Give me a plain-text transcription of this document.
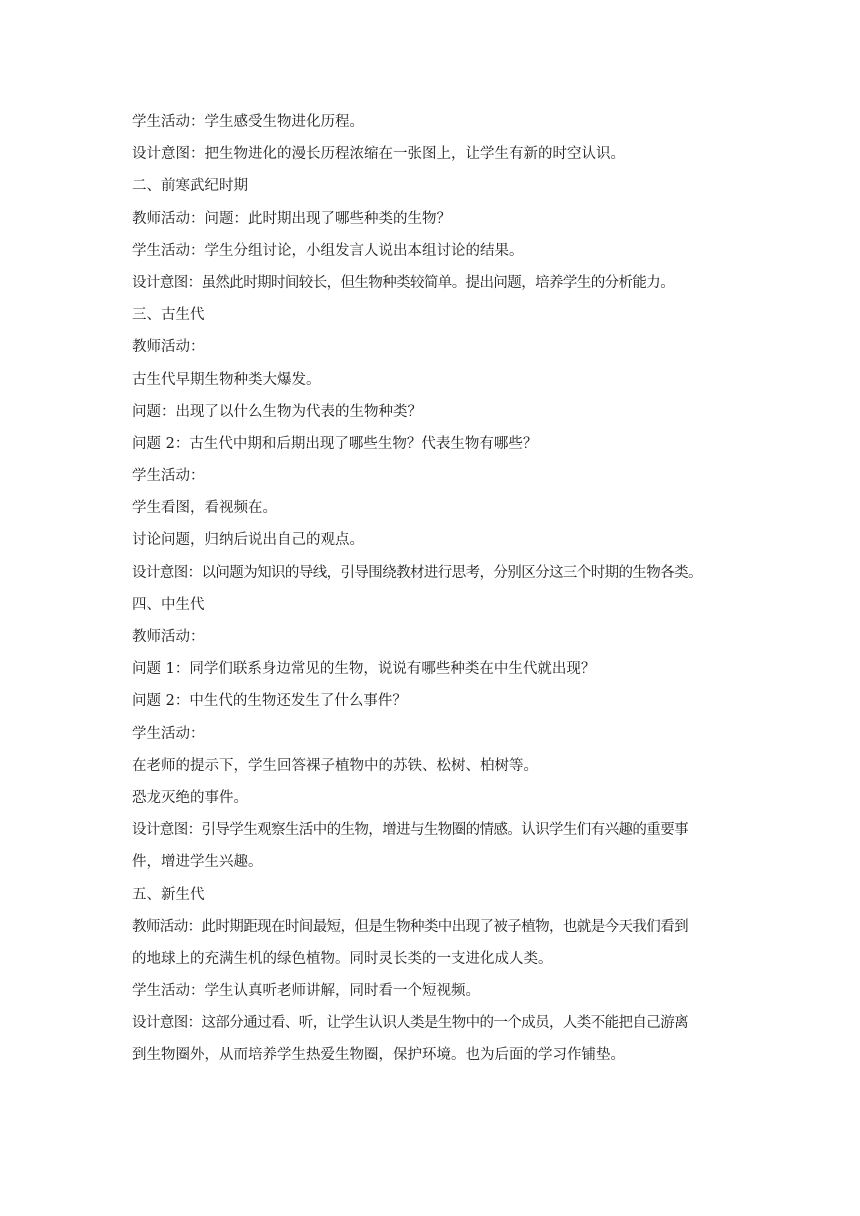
学生活动：学生感受生物进化历程。
设计意图：把生物进化的漫长历程浓缩在一张图上，让学生有新的时空认识。
二、前寒武纪时期
教师活动：问题：此时期出现了哪些种类的生物？
学生活动：学生分组讨论，小组发言人说出本组讨论的结果。
设计意图：虽然此时期时间较长，但生物种类较简单。提出问题，培养学生的分析能力。
三、古生代
教师活动：
古生代早期生物种类大爆发。
问题：出现了以什么生物为代表的生物种类？
问题 2：古生代中期和后期出现了哪些生物？代表生物有哪些？
学生活动：
学生看图，看视频在。
讨论问题，归纳后说出自己的观点。
设计意图：以问题为知识的导线，引导围绕教材进行思考，分别区分这三个时期的生物各类。
四、中生代
教师活动：
问题 1：同学们联系身边常见的生物，说说有哪些种类在中生代就出现？
问题 2：中生代的生物还发生了什么事件？
学生活动：
在老师的提示下，学生回答裸子植物中的苏铁、松树、柏树等。
恐龙灭绝的事件。
设计意图：引导学生观察生活中的生物，增进与生物圈的情感。认识学生们有兴趣的重要事
件，增进学生兴趣。
五、新生代
教师活动：此时期距现在时间最短，但是生物种类中出现了被子植物，也就是今天我们看到
的地球上的充满生机的绿色植物。同时灵长类的一支进化成人类。
学生活动：学生认真听老师讲解，同时看一个短视频。
设计意图：这部分通过看、听，让学生认识人类是生物中的一个成员，人类不能把自己游离
到生物圈外，从而培养学生热爱生物圈，保护环境。也为后面的学习作铺垫。
